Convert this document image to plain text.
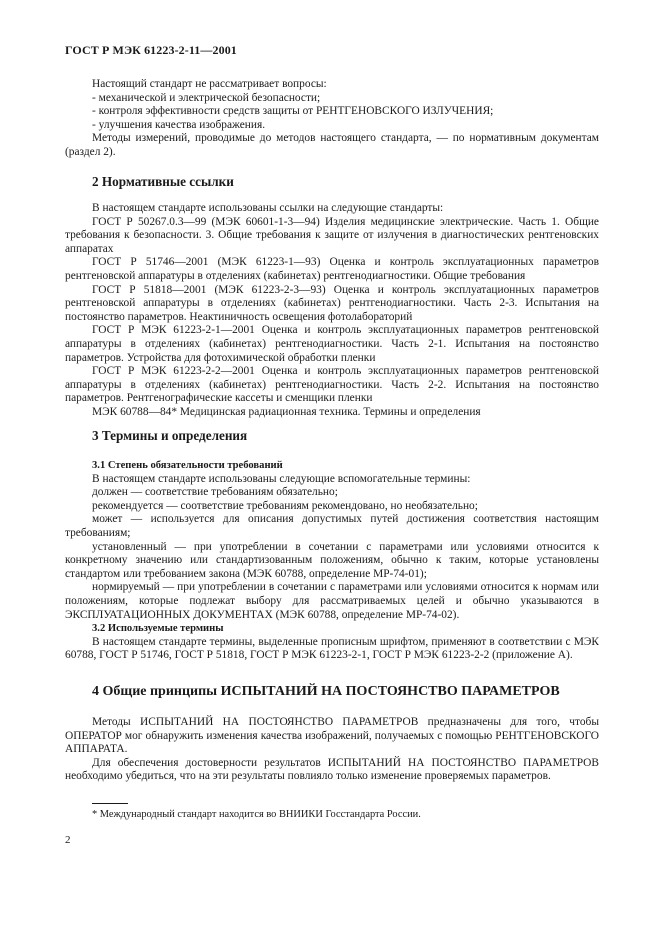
ГОСТ Р МЭК 61223-2-11—2001

Настоящий стандарт не рассматривает вопросы:

- механической и электрической безопасности;

- контроля эффективности средств защиты от РЕНТГЕНОВСКОГО ИЗЛУЧЕНИЯ;

- улучшения качества изображения.

Методы измерений, проводимые до методов настоящего стандарта, — по нормативным документам (раздел 2).

2 Нормативные ссылки

В настоящем стандарте использованы ссылки на следующие стандарты:

ГОСТ Р 50267.0.3—99 (МЭК 60601-1-3—94) Изделия медицинские электрические. Часть 1. Общие требования к безопасности. 3. Общие требования к защите от излучения в диагностических рентгеновских аппаратах

ГОСТ Р 51746—2001 (МЭК 61223-1—93) Оценка и контроль эксплуатационных параметров рентгеновской аппаратуры в отделениях (кабинетах) рентгенодиагностики. Общие требования

ГОСТ Р 51818—2001 (МЭК 61223-2-3—93) Оценка и контроль эксплуатационных параметров рентгеновской аппаратуры в отделениях (кабинетах) рентгенодиагностики. Часть 2-3. Испытания на постоянство параметров. Неактиничность освещения фотолабораторий

ГОСТ Р МЭК 61223-2-1—2001 Оценка и контроль эксплуатационных параметров рентгеновской аппаратуры в отделениях (кабинетах) рентгенодиагностики. Часть 2-1. Испытания на постоянство параметров. Устройства для фотохимической обработки пленки

ГОСТ Р МЭК 61223-2-2—2001 Оценка и контроль эксплуатационных параметров рентгеновской аппаратуры в отделениях (кабинетах) рентгенодиагностики. Часть 2-2. Испытания на постоянство параметров. Рентгенографические кассеты и сменщики пленки

МЭК 60788—84* Медицинская радиационная техника. Термины и определения

3 Термины и определения

3.1 Степень обязательности требований

В настоящем стандарте использованы следующие вспомогательные термины:

должен — соответствие требованиям обязательно;

рекомендуется — соответствие требованиям рекомендовано, но необязательно;

может — используется для описания допустимых путей достижения соответствия настоящим требованиям;

установленный — при употреблении в сочетании с параметрами или условиями относится к конкретному значению или стандартизованным положениям, обычно к таким, которые установлены стандартом или требованием закона (МЭК 60788, определение МР-74-01);

нормируемый — при употреблении в сочетании с параметрами или условиями относится к нормам или положениям, которые подлежат выбору для рассматриваемых целей и обычно указываются в ЭКСПЛУАТАЦИОННЫХ ДОКУМЕНТАХ (МЭК 60788, определение МР-74-02).

3.2 Используемые термины

В настоящем стандарте термины, выделенные прописным шрифтом, применяют в соответствии с МЭК 60788, ГОСТ Р 51746, ГОСТ Р 51818, ГОСТ Р МЭК 61223-2-1, ГОСТ Р МЭК 61223-2-2 (приложение А).

4 Общие принципы ИСПЫТАНИЙ НА ПОСТОЯНСТВО ПАРАМЕТРОВ

Методы ИСПЫТАНИЙ НА ПОСТОЯНСТВО ПАРАМЕТРОВ предназначены для того, чтобы ОПЕРАТОР мог обнаружить изменения качества изображений, получаемых с помощью РЕНТГЕНОВСКОГО АППАРАТА.

Для обеспечения достоверности результатов ИСПЫТАНИЙ НА ПОСТОЯНСТВО ПАРАМЕТРОВ необходимо убедиться, что на эти результаты повлияло только изменение проверяемых параметров.

* Международный стандарт находится во ВНИИКИ Госстандарта России.
2
